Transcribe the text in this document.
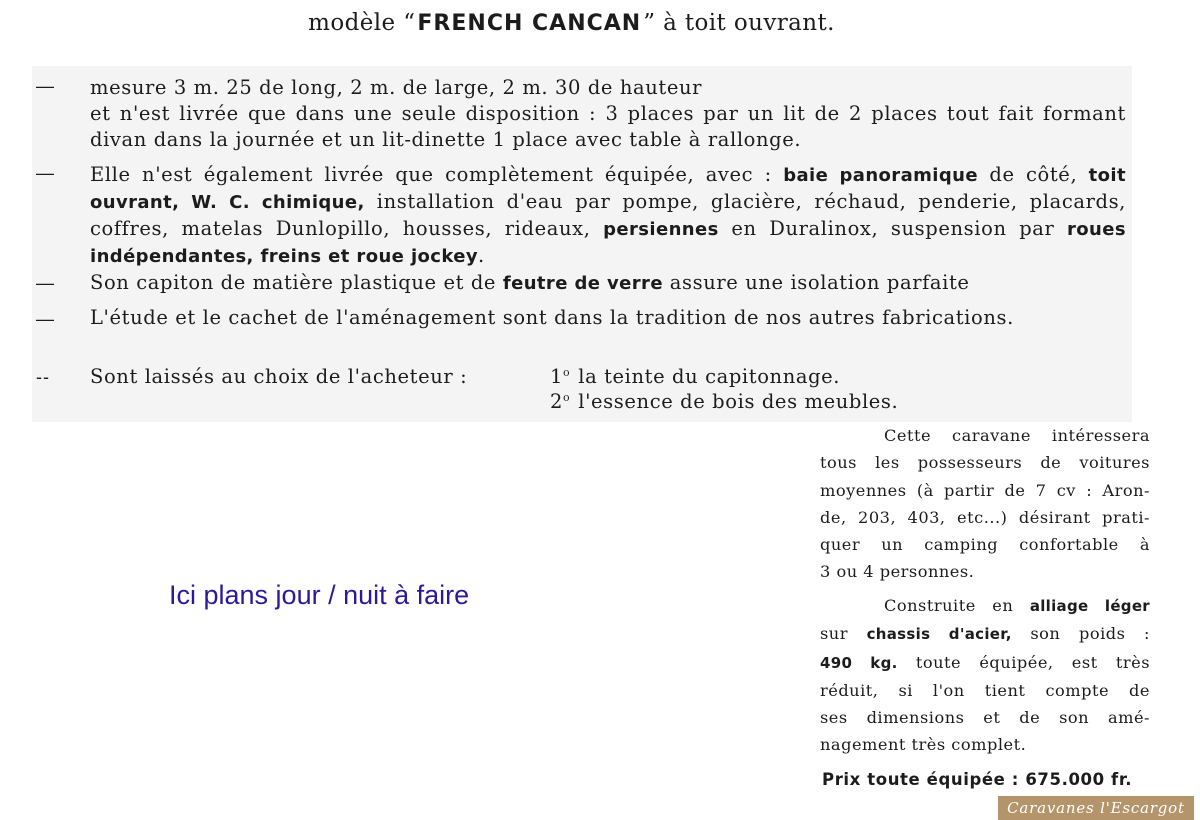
modèle “FRENCH CANCAN” à toit ouvrant.
—	mesure 3 m. 25 de long, 2 m. de large, 2 m. 30 de hauteur
et n'est livrée que dans une seule disposition : 3 places par un lit de 2 places tout fait formant divan dans la journée et un lit-dinette 1 place avec table à rallonge.
—	Elle n'est également livrée que complètement équipée, avec : baie panoramique de côté, toit ouvrant, W. C. chimique, installation d'eau par pompe, glacière, réchaud, penderie, placards, coffres, matelas Dunlopillo, housses, rideaux, persiennes en Duralinox, suspension par roues indépendantes, freins et roue jockey.
—	Son capiton de matière plastique et de feutre de verre assure une isolation parfaite
—	L'étude et le cachet de l'aménagement sont dans la tradition de nos autres fabrications.
--	Sont laissés au choix de l'acheteur :	1$^o$ la teinte du capitonnage.
2$^o$ l'essence de bois des meubles.
Ici plans jour / nuit à faire
Cette caravane intéressera
tous les possesseurs de voitures
moyennes (à partir de 7 cv : Aron-
de, 203, 403, etc...) désirant prati-
quer un camping confortable à
3 ou 4 personnes.
Construite en alliage léger
sur chassis d'acier, son poids :
490 kg. toute équipée, est très
réduit, si l'on tient compte de
ses dimensions et de son amé-
nagement très complet.
Prix toute équipée : 675.000 fr.
Caravanes l'Escargot
